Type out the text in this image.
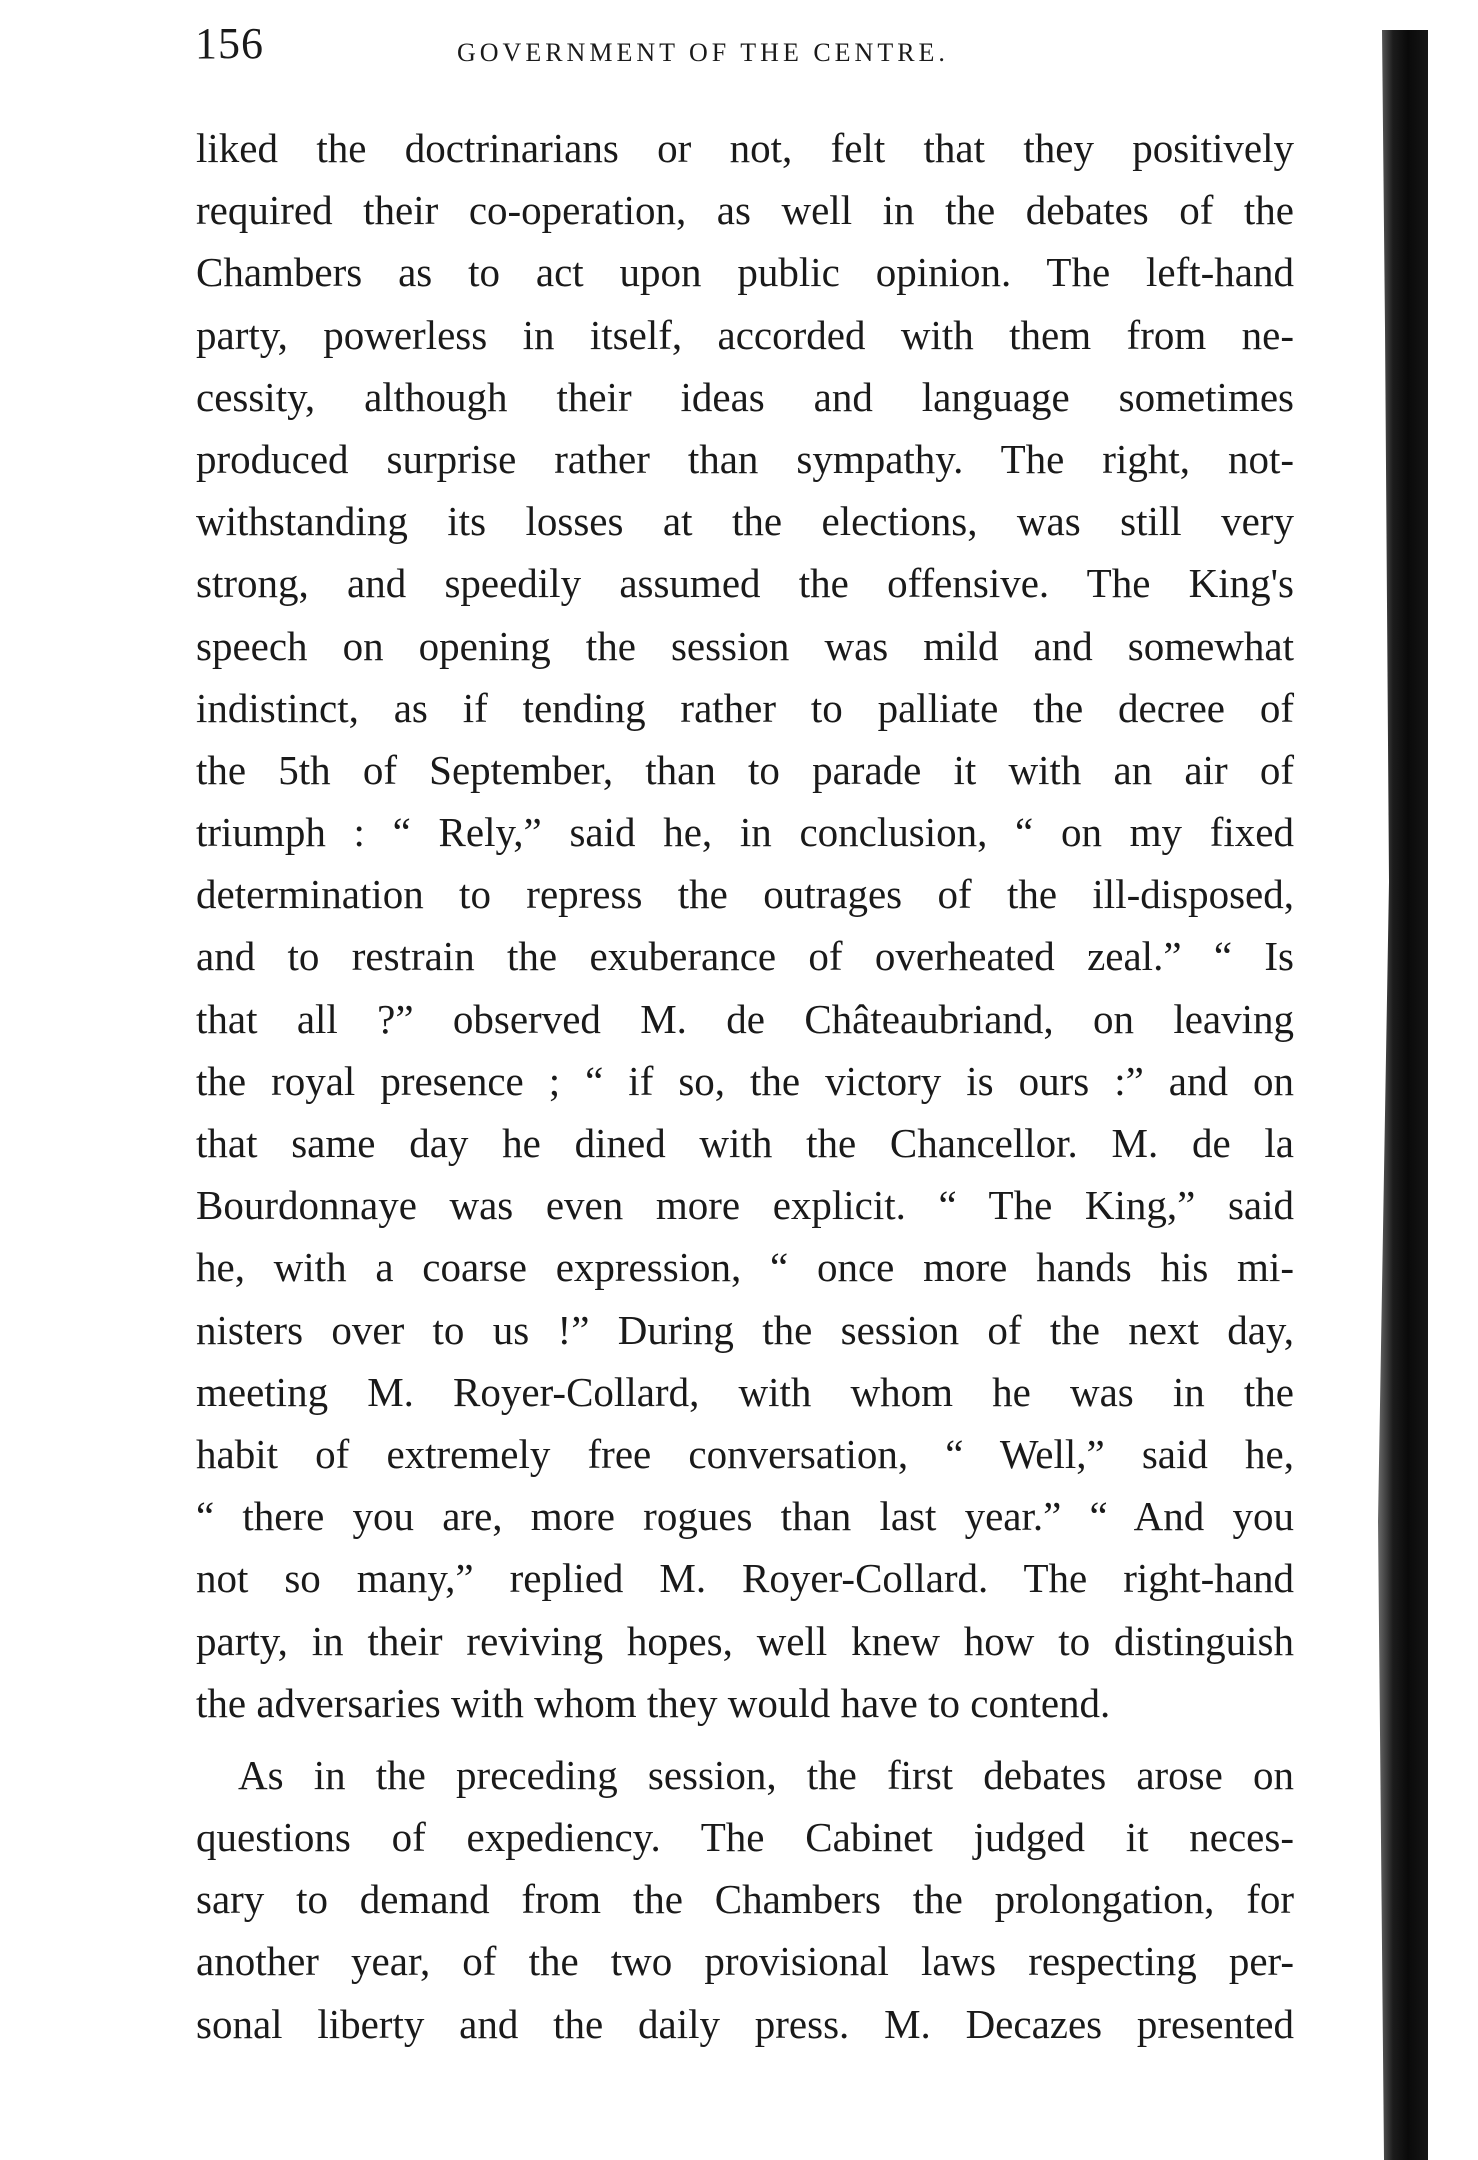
156	GOVERNMENT OF THE CENTRE.
liked the doctrinarians or not, felt that they positively
required their co-operation, as well in the debates of the
Chambers as to act upon public opinion. The left-hand
party, powerless in itself, accorded with them from ne-
cessity, although their ideas and language sometimes
produced surprise rather than sympathy. The right, not-
withstanding its losses at the elections, was still very
strong, and speedily assumed the offensive. The King's
speech on opening the session was mild and somewhat
indistinct, as if tending rather to palliate the decree of
the 5th of September, than to parade it with an air of
triumph : “ Rely,” said he, in conclusion, “ on my fixed
determination to repress the outrages of the ill-disposed,
and to restrain the exuberance of overheated zeal.” “ Is
that all ?” observed M. de Châteaubriand, on leaving
the royal presence ; “ if so, the victory is ours :” and on
that same day he dined with the Chancellor. M. de la
Bourdonnaye was even more explicit. “ The King,” said
he, with a coarse expression, “ once more hands his mi-
nisters over to us !” During the session of the next day,
meeting M. Royer-Collard, with whom he was in the
habit of extremely free conversation, “ Well,” said he,
“ there you are, more rogues than last year.” “ And you
not so many,” replied M. Royer-Collard. The right-hand
party, in their reviving hopes, well knew how to distinguish
the adversaries with whom they would have to contend.
As in the preceding session, the first debates arose on
questions of expediency. The Cabinet judged it neces-
sary to demand from the Chambers the prolongation, for
another year, of the two provisional laws respecting per-
sonal liberty and the daily press. M. Decazes presented
